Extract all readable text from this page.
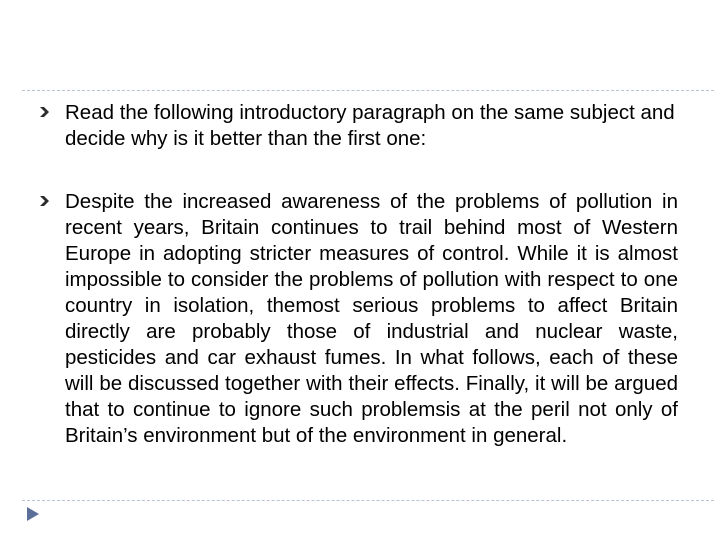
Read the following introductory paragraph on the same subject and decide why is it better than the first one:
Despite the increased awareness of the problems of pollution in recent years, Britain continues to trail behind most of Western Europe in adopting stricter measures of control. While it is almost impossible to consider the problems of pollution with respect to one country in isolation, themost serious problems to affect Britain directly are probably those of industrial and nuclear waste, pesticides and car exhaust fumes. In what follows, each of these will be discussed together with their effects. Finally, it will be argued that to continue to ignore such problemsis at the peril not only of Britain’s environment but of the environment in general.
